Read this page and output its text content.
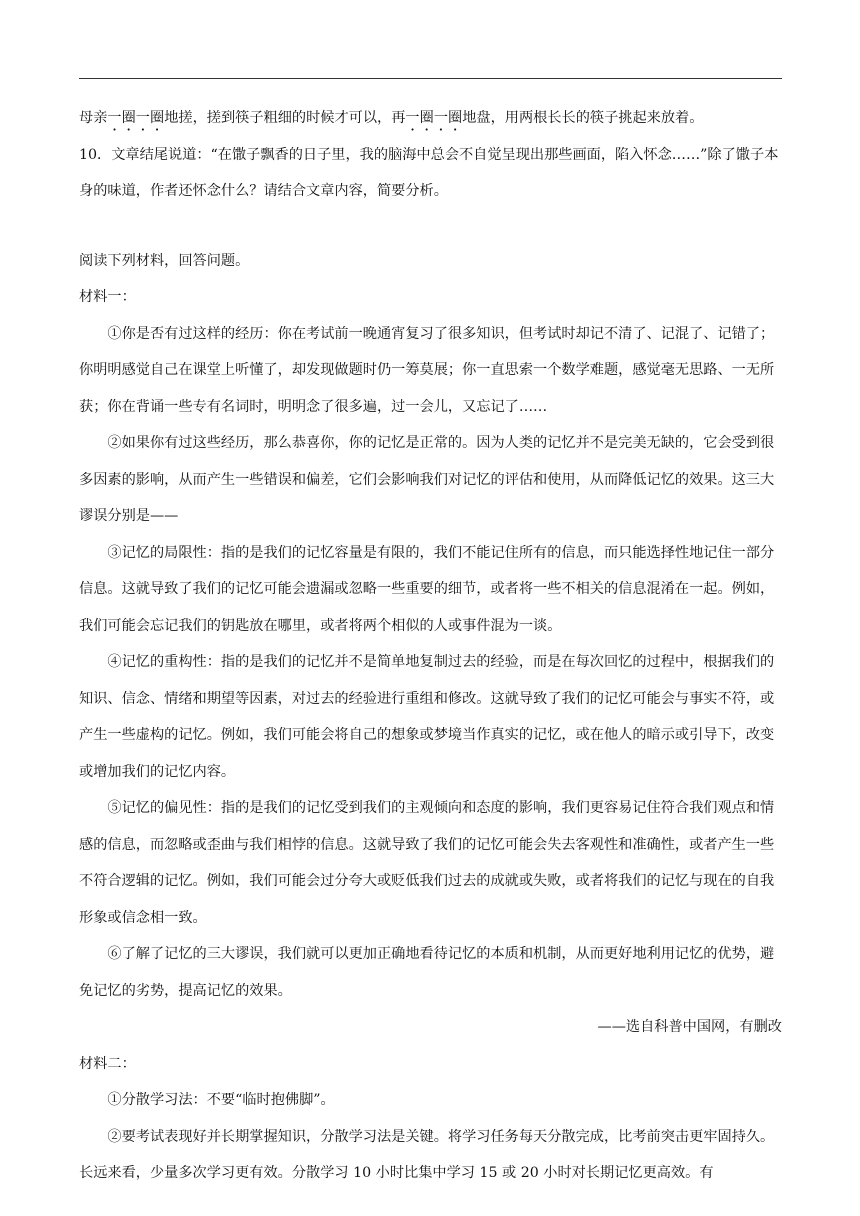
母亲一圈一圈地搓，搓到筷子粗细的时候才可以，再一圈一圈地盘，用两根长长的筷子挑起来放着。

10．文章结尾说道：“在馓子飘香的日子里，我的脑海中总会不自觉呈现出那些画面，陷入怀念……”除了馓子本身的味道，作者还怀念什么？请结合文章内容，简要分析。

阅读下列材料，回答问题。

材料一：

①你是否有过这样的经历：你在考试前一晚通宵复习了很多知识，但考试时却记不清了、记混了、记错了；你明明感觉自己在课堂上听懂了，却发现做题时仍一筹莫展；你一直思索一个数学难题，感觉毫无思路、一无所获；你在背诵一些专有名词时，明明念了很多遍，过一会儿，又忘记了……

②如果你有过这些经历，那么恭喜你，你的记忆是正常的。因为人类的记忆并不是完美无缺的，它会受到很多因素的影响，从而产生一些错误和偏差，它们会影响我们对记忆的评估和使用，从而降低记忆的效果。这三大谬误分别是——

③记忆的局限性：指的是我们的记忆容量是有限的，我们不能记住所有的信息，而只能选择性地记住一部分信息。这就导致了我们的记忆可能会遗漏或忽略一些重要的细节，或者将一些不相关的信息混淆在一起。例如，我们可能会忘记我们的钥匙放在哪里，或者将两个相似的人或事件混为一谈。

④记忆的重构性：指的是我们的记忆并不是简单地复制过去的经验，而是在每次回忆的过程中，根据我们的知识、信念、情绪和期望等因素，对过去的经验进行重组和修改。这就导致了我们的记忆可能会与事实不符，或产生一些虚构的记忆。例如，我们可能会将自己的想象或梦境当作真实的记忆，或在他人的暗示或引导下，改变或增加我们的记忆内容。

⑤记忆的偏见性：指的是我们的记忆受到我们的主观倾向和态度的影响，我们更容易记住符合我们观点和情感的信息，而忽略或歪曲与我们相悖的信息。这就导致了我们的记忆可能会失去客观性和准确性，或者产生一些不符合逻辑的记忆。例如，我们可能会过分夸大或贬低我们过去的成就或失败，或者将我们的记忆与现在的自我形象或信念相一致。

⑥了解了记忆的三大谬误，我们就可以更加正确地看待记忆的本质和机制，从而更好地利用记忆的优势，避免记忆的劣势，提高记忆的效果。

——选自科普中国网，有删改

材料二：

①分散学习法：不要“临时抱佛脚”。

②要考试表现好并长期掌握知识，分散学习法是关键。将学习任务每天分散完成，比考前突击更牢固持久。长远来看，少量多次学习更有效。分散学习 10 小时比集中学习 15 或 20 小时对长期记忆更高效。有
